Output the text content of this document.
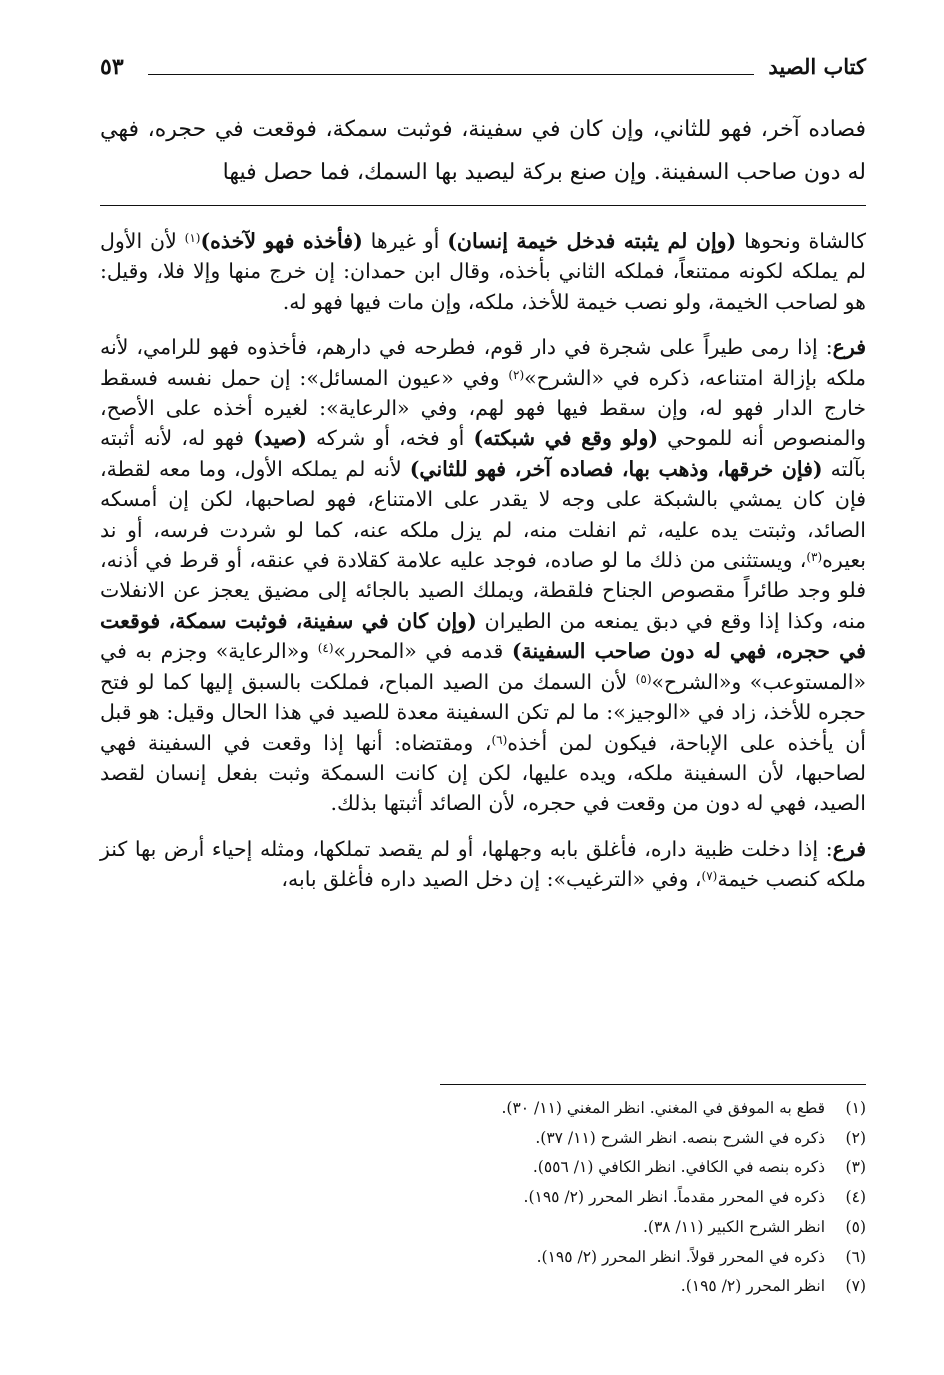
كتاب الصيد
٥٣
فصاده آخر، فهو للثاني، وإن كان في سفينة، فوثبت سمكة، فوقعت في حجره، فهي له دون صاحب السفينة. وإن صنع بركة ليصيد بها السمك، فما حصل فيها

كالشاة ونحوها (وإن لم يثبته فدخل خيمة إنسان) أو غيرها (فأخذه فهو لآخذه)$^{(١)}$ لأن الأول لم يملكه لكونه ممتنعاً، فملكه الثاني بأخذه، وقال ابن حمدان: إن خرج منها وإلا فلا، وقيل: هو لصاحب الخيمة، ولو نصب خيمة للأخذ، ملكه، وإن مات فيها فهو له.

فرع: إذا رمى طيراً على شجرة في دار قوم، فطرحه في دارهم، فأخذوه فهو للرامي، لأنه ملكه بإزالة امتناعه، ذكره في «الشرح»$^{(٢)}$ وفي «عيون المسائل»: إن حمل نفسه فسقط خارج الدار فهو له، وإن سقط فيها فهو لهم، وفي «الرعاية»: لغيره أخذه على الأصح، والمنصوص أنه للموحي (ولو وقع في شبكته) أو فخه، أو شركه (صيد) فهو له، لأنه أثبته بآلته (فإن خرقها، وذهب بها، فصاده آخر، فهو للثاني) لأنه لم يملكه الأول، وما معه لقطة، فإن كان يمشي بالشبكة على وجه لا يقدر على الامتناع، فهو لصاحبها، لكن إن أمسكه الصائد، وثبتت يده عليه، ثم انفلت منه، لم يزل ملكه عنه، كما لو شردت فرسه، أو ند بعيره$^{(٣)}$، ويستثنى من ذلك ما لو صاده، فوجد عليه علامة كقلادة في عنقه، أو قرط في أذنه، فلو وجد طائراً مقصوص الجناح فلقطة، ويملك الصيد بالجائه إلى مضيق يعجز عن الانفلات منه، وكذا إذا وقع في دبق يمنعه من الطيران (وإن كان في سفينة، فوثبت سمكة، فوقعت في حجره، فهي له دون صاحب السفينة) قدمه في «المحرر»$^{(٤)}$ و«الرعاية» وجزم به في «المستوعب» و«الشرح»$^{(٥)}$ لأن السمك من الصيد المباح، فملكت بالسبق إليها كما لو فتح حجره للأخذ، زاد في «الوجيز»: ما لم تكن السفينة معدة للصيد في هذا الحال وقيل: هو قبل أن يأخذه على الإباحة، فيكون لمن أخذه$^{(٦)}$، ومقتضاه: أنها إذا وقعت في السفينة فهي لصاحبها، لأن السفينة ملكه، ويده عليها، لكن إن كانت السمكة وثبت بفعل إنسان لقصد الصيد، فهي له دون من وقعت في حجره، لأن الصائد أثبتها بذلك.

فرع: إذا دخلت ظبية داره، فأغلق بابه وجهلها، أو لم يقصد تملكها، ومثله إحياء أرض بها كنز ملكه كنصب خيمة$^{(٧)}$، وفي «الترغيب»: إن دخل الصيد داره فأغلق بابه،

(١) قطع به الموفق في المغني. انظر المغني (١١/ ٣٠).
(٢) ذكره في الشرح بنصه. انظر الشرح (١١/ ٣٧).
(٣) ذكره بنصه في الكافي. انظر الكافي (١/ ٥٥٦).
(٤) ذكره في المحرر مقدماً. انظر المحرر (٢/ ١٩٥).
(٥) انظر الشرح الكبير (١١/ ٣٨).
(٦) ذكره في المحرر قولاً. انظر المحرر (٢/ ١٩٥).
(٧) انظر المحرر (٢/ ١٩٥).
